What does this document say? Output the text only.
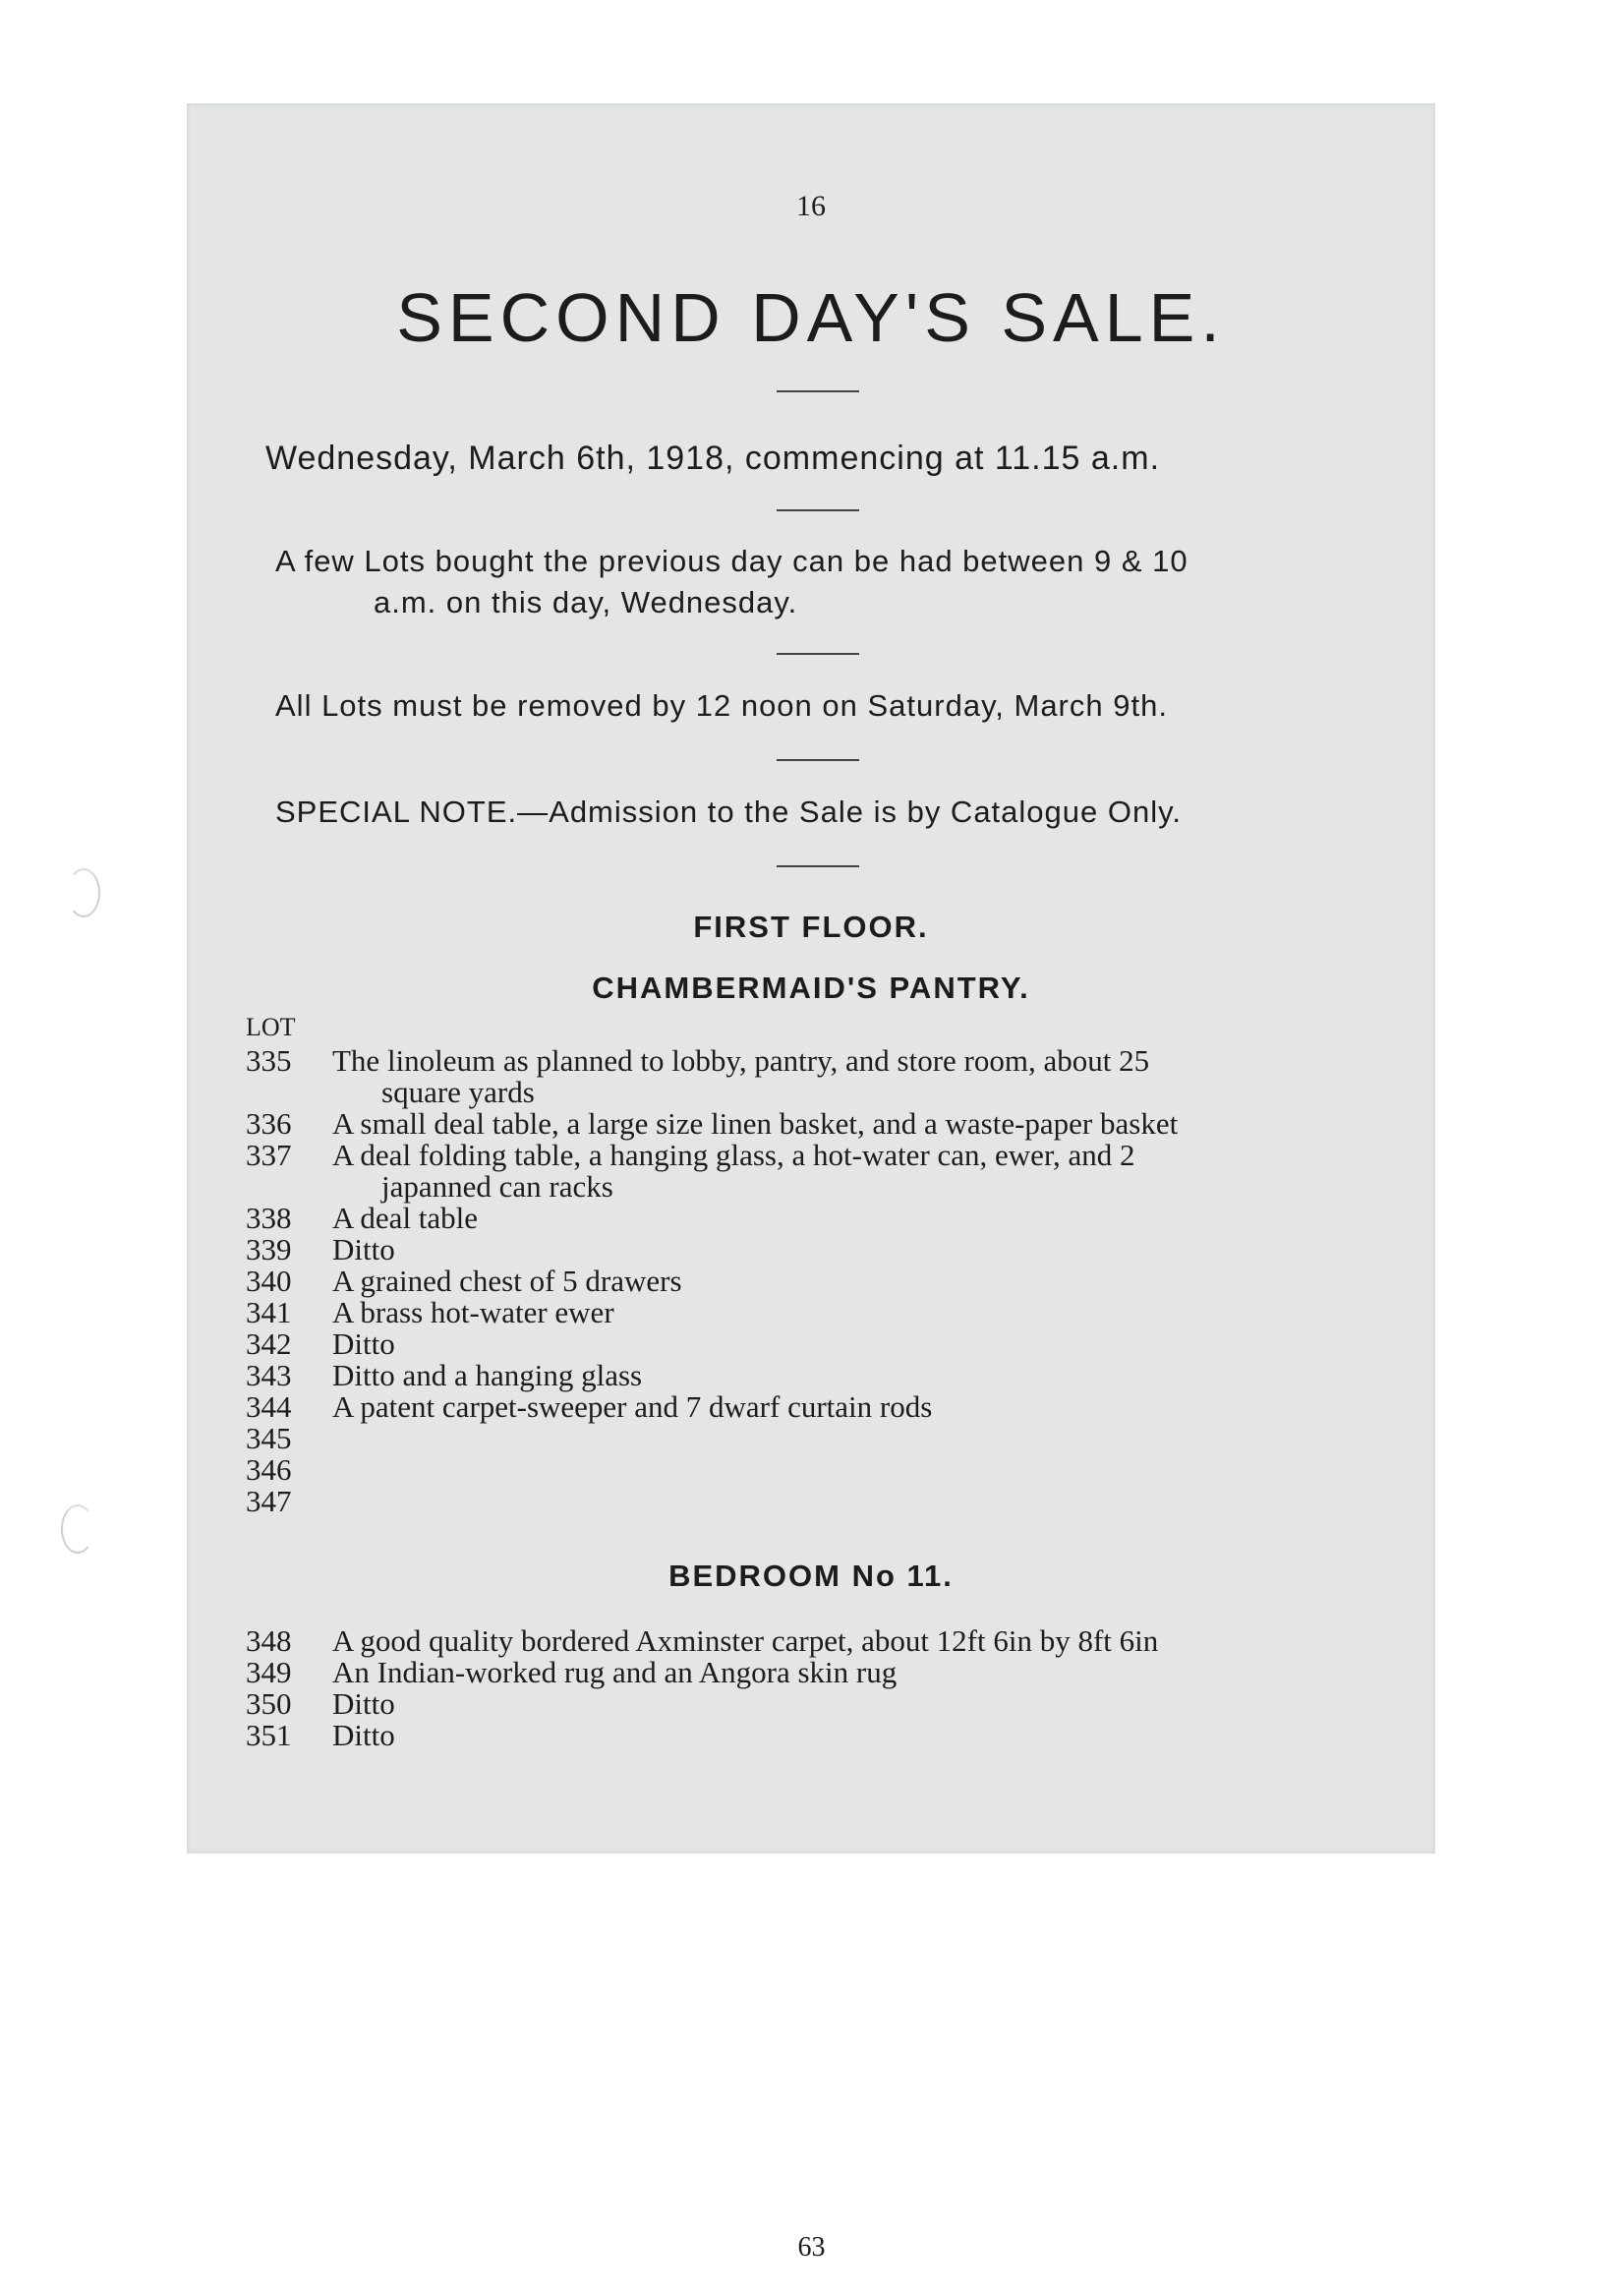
16
SECOND DAY'S SALE.
Wednesday, March 6th, 1918, commencing at 11.15 a.m.
A few Lots bought the previous day can be had between 9 & 10
a.m. on this day, Wednesday.
All Lots must be removed by 12 noon on Saturday, March 9th.
SPECIAL NOTE.—Admission to the Sale is by Catalogue Only.
FIRST FLOOR.
CHAMBERMAID'S PANTRY.
LOT
335	The linoleum as planned to lobby, pantry, and store room, about 25
square yards
336	A small deal table, a large size linen basket, and a waste-paper basket
337	A deal folding table, a hanging glass, a hot-water can, ewer, and 2
japanned can racks
338	A deal table
339	Ditto
340	A grained chest of 5 drawers
341	A brass hot-water ewer
342	Ditto
343	Ditto and a hanging glass
344	A patent carpet-sweeper and 7 dwarf curtain rods
345
346
347
BEDROOM No 11.
348	A good quality bordered Axminster carpet, about 12ft 6in by 8ft 6in
349	An Indian-worked rug and an Angora skin rug
350	Ditto
351	Ditto
63
